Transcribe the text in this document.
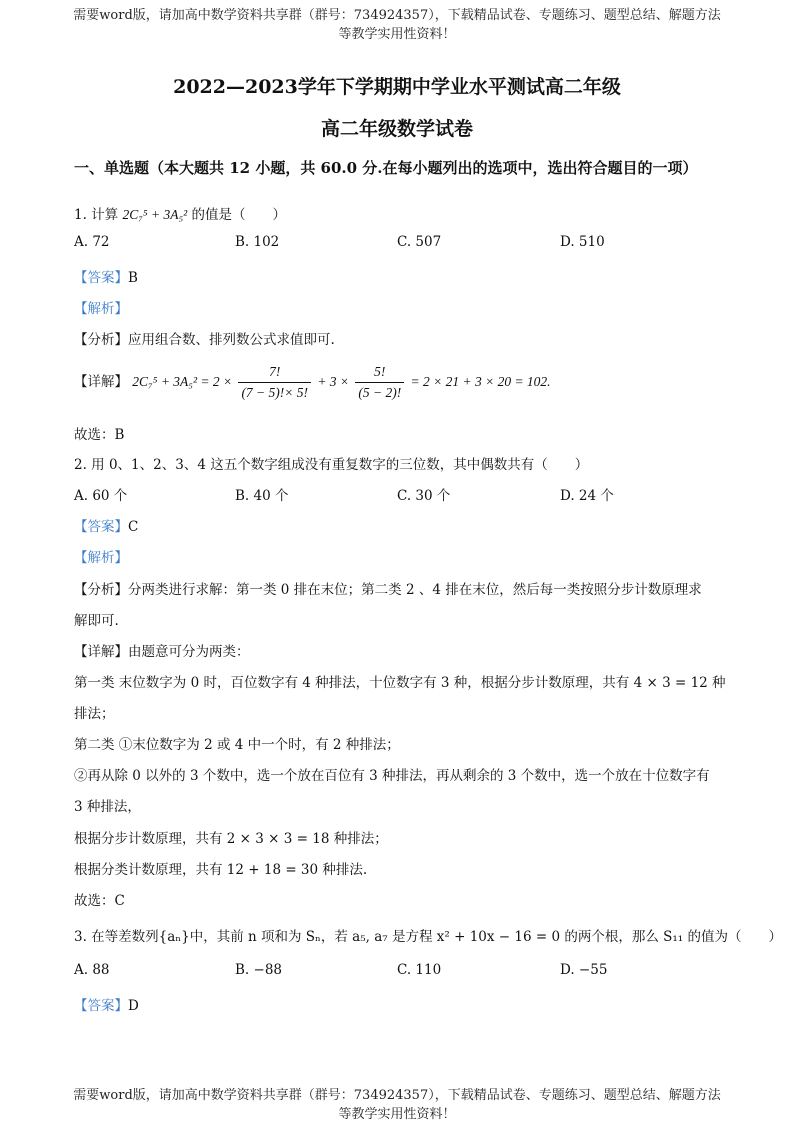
需要word版，请加高中数学资料共享群（群号：734924357），下载精品试卷、专题练习、题型总结、解题方法
等教学实用性资料！
2022—2023学年下学期期中学业水平测试高二年级
高二年级数学试卷
一、单选题（本大题共 12 小题，共 60.0 分.在每小题列出的选项中，选出符合题目的一项）
1. 计算 2C₇⁵ + 3A₅² 的值是（　　）
A. 72	B. 102	C. 507	D. 510
【答案】B
【解析】
【分析】应用组合数、排列数公式求值即可.
【详解】 $2C_7^5 + 3A_5^2 = 2 \times \frac{7!}{(7 - 5)!\times 5!} + 3 \times \frac{5!}{(5 - 2)!} = 2 \times 21 + 3 \times 20 = 102$.
故选：B
2. 用 0、1、2、3、4 这五个数字组成没有重复数字的三位数，其中偶数共有（　　）
A. 60 个	B. 40 个	C. 30 个	D. 24 个
【答案】C
【解析】
【分析】分两类进行求解：第一类 0 排在末位；第二类 2 、4 排在末位，然后每一类按照分步计数原理求
解即可.
【详解】由题意可分为两类：
第一类 末位数字为 0 时，百位数字有 4 种排法，十位数字有 3 种，根据分步计数原理，共有 4 × 3 = 12 种
排法；
第二类 ①末位数字为 2 或 4 中一个时，有 2 种排法；
②再从除 0 以外的 3 个数中，选一个放在百位有 3 种排法，再从剩余的 3 个数中，选一个放在十位数字有
3 种排法，
根据分步计数原理，共有 2 × 3 × 3 = 18 种排法；
根据分类计数原理，共有 12 + 18 = 30 种排法.
故选：C
3. 在等差数列{aₙ}中，其前 n 项和为 Sₙ，若 a₅, a₇ 是方程 x² + 10x − 16 = 0 的两个根，那么 S₁₁ 的值为（　　）
A. 88	B. −88	C. 110	D. −55
【答案】D
需要word版，请加高中数学资料共享群（群号：734924357），下载精品试卷、专题练习、题型总结、解题方法
等教学实用性资料！
